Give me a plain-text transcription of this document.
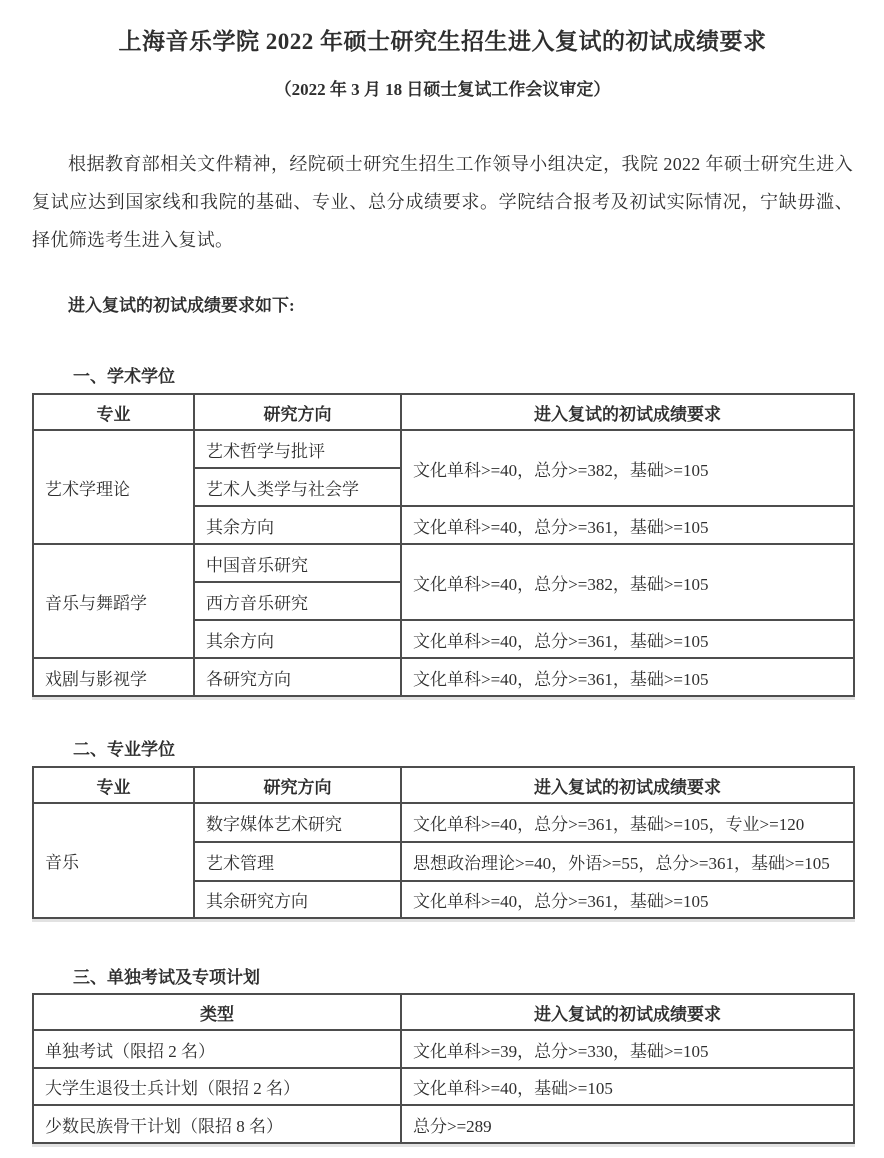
上海音乐学院 2022 年硕士研究生招生进入复试的初试成绩要求
（2022 年 3 月 18 日硕士复试工作会议审定）

根据教育部相关文件精神，经院硕士研究生招生工作领导小组决定，我院 2022 年硕士研究生进入复试应达到国家线和我院的基础、专业、总分成绩要求。学院结合报考及初试实际情况，宁缺毋滥、择优筛选考生进入复试。

进入复试的初试成绩要求如下:

一、学术学位
专业	研究方向	进入复试的初试成绩要求
艺术学理论	艺术哲学与批评	文化单科>=40，总分>=382，基础>=105
	艺术人类学与社会学	
	其余方向	文化单科>=40，总分>=361，基础>=105
音乐与舞蹈学	中国音乐研究	文化单科>=40，总分>=382，基础>=105
	西方音乐研究	
	其余方向	文化单科>=40，总分>=361，基础>=105
戏剧与影视学	各研究方向	文化单科>=40，总分>=361，基础>=105
二、专业学位
专业	研究方向	进入复试的初试成绩要求
音乐	数字媒体艺术研究	文化单科>=40，总分>=361，基础>=105，专业>=120
	艺术管理	思想政治理论>=40，外语>=55，总分>=361，基础>=105
	其余研究方向	文化单科>=40，总分>=361，基础>=105
三、单独考试及专项计划
类型	进入复试的初试成绩要求
单独考试（限招 2 名）	文化单科>=39，总分>=330，基础>=105
大学生退役士兵计划（限招 2 名）	文化单科>=40，基础>=105
少数民族骨干计划（限招 8 名）	总分>=289
